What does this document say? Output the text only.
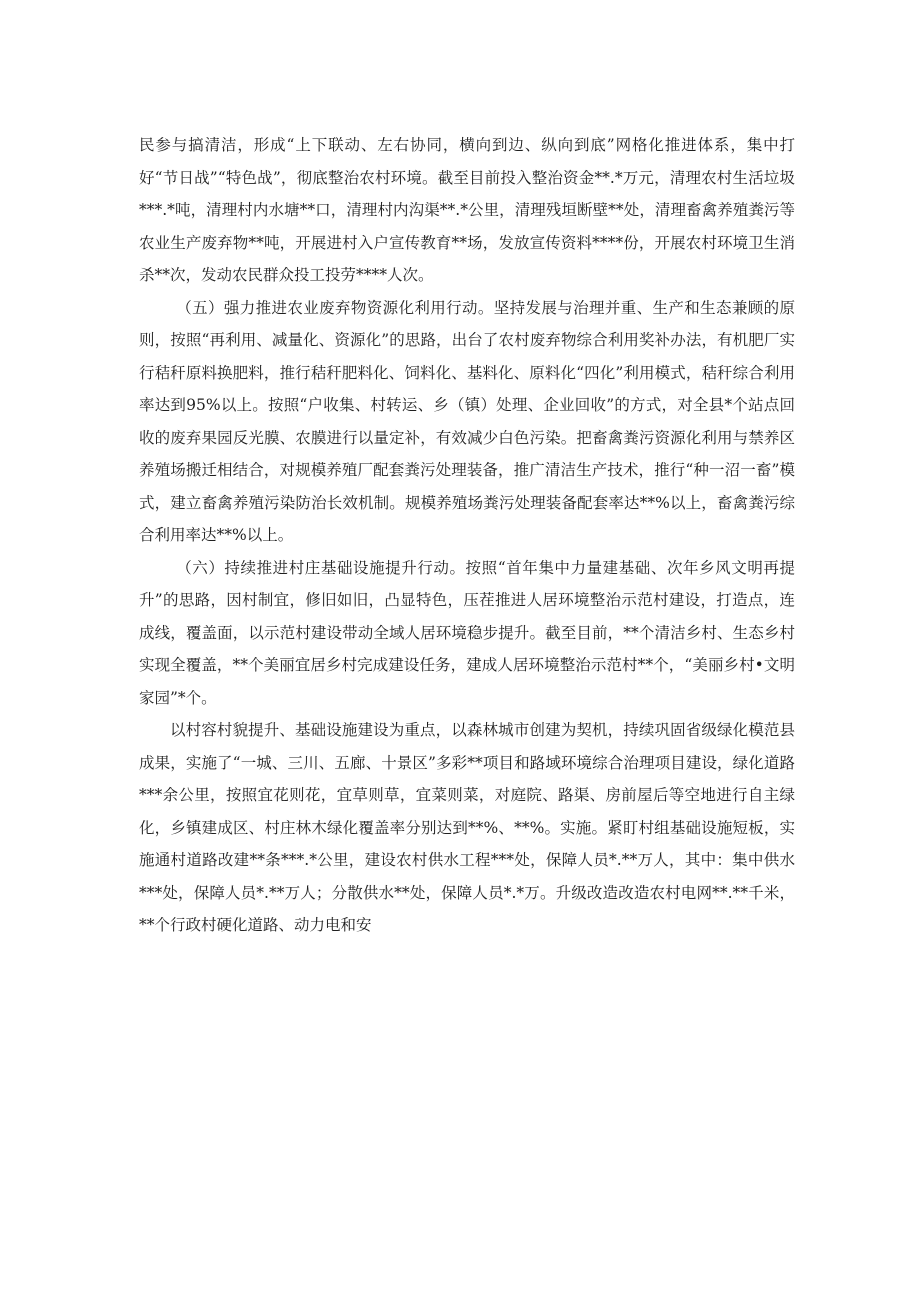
民参与搞清洁，形成“上下联动、左右协同，横向到边、纵向到底”网格化推进体系，集中打好“节日战”“特色战”，彻底整治农村环境。截至目前投入整治资金**.*万元，清理农村生活垃圾***.*吨，清理村内水塘**口，清理村内沟渠**.*公里，清理残垣断壁**处，清理畜禽养殖粪污等农业生产废弃物**吨，开展进村入户宣传教育**场，发放宣传资料****份，开展农村环境卫生消杀**次，发动农民群众投工投劳****人次。

（五）强力推进农业废弃物资源化利用行动。坚持发展与治理并重、生产和生态兼顾的原则，按照“再利用、减量化、资源化”的思路，出台了农村废弃物综合利用奖补办法，有机肥厂实行秸秆原料换肥料，推行秸秆肥料化、饲料化、基料化、原料化“四化”利用模式，秸秆综合利用率达到95%以上。按照“户收集、村转运、乡（镇）处理、企业回收”的方式，对全县*个站点回收的废弃果园反光膜、农膜进行以量定补，有效减少白色污染。把畜禽粪污资源化利用与禁养区养殖场搬迁相结合，对规模养殖厂配套粪污处理装备，推广清洁生产技术，推行“种一沼一畜”模式，建立畜禽养殖污染防治长效机制。规模养殖场粪污处理装备配套率达**%以上，畜禽粪污综合利用率达**%以上。

（六）持续推进村庄基础设施提升行动。按照“首年集中力量建基础、次年乡风文明再提升”的思路，因村制宜，修旧如旧，凸显特色，压茬推进人居环境整治示范村建设，打造点，连成线，覆盖面，以示范村建设带动全域人居环境稳步提升。截至目前，**个清洁乡村、生态乡村实现全覆盖，**个美丽宜居乡村完成建设任务，建成人居环境整治示范村**个，“美丽乡村•文明家园”*个。

以村容村貌提升、基础设施建设为重点，以森林城市创建为契机，持续巩固省级绿化模范县成果，实施了“一城、三川、五廊、十景区”多彩**项目和路域环境综合治理项目建设，绿化道路***余公里，按照宜花则花，宜草则草，宜菜则菜，对庭院、路渠、房前屋后等空地进行自主绿化，乡镇建成区、村庄林木绿化覆盖率分别达到**%、**%。实施。紧盯村组基础设施短板，实施通村道路改建**条***.*公里，建设农村供水工程***处，保障人员*.**万人，其中：集中供水***处，保障人员*.**万人；分散供水**处，保障人员*.*万。升级改造改造农村电网**.**千米，**个行政村硬化道路、动力电和安
